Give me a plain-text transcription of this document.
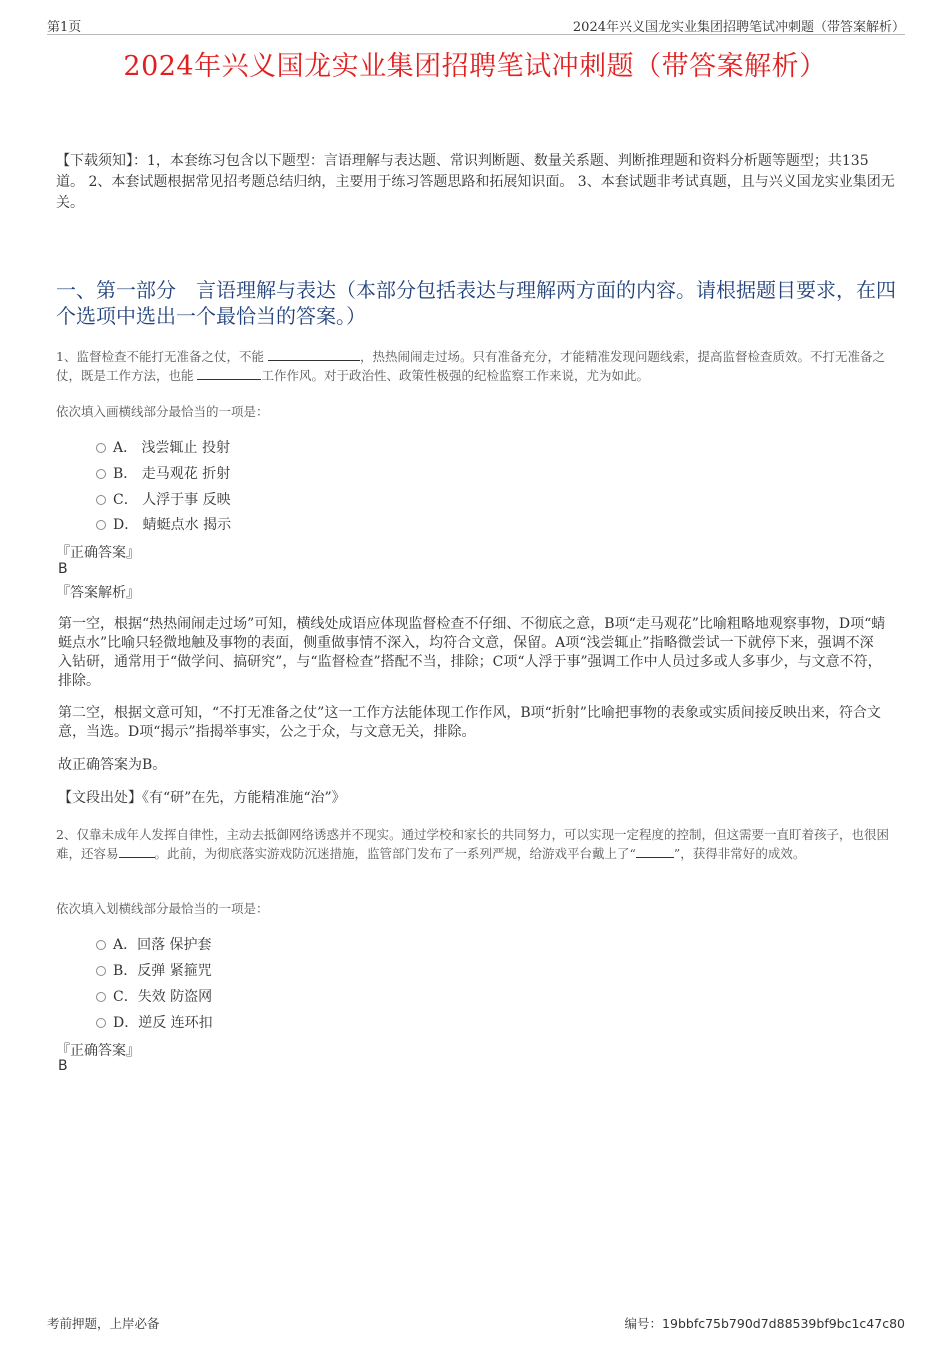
第1页	2024年兴义国龙实业集团招聘笔试冲刺题（带答案解析）
2024年兴义国龙实业集团招聘笔试冲刺题（带答案解析）
【下载须知】：1，本套练习包含以下题型：言语理解与表达题、常识判断题、数量关系题、判断推理题和资料分析题等题型；共135道。 2、本套试题根据常见招考题总结归纳，主要用于练习答题思路和拓展知识面。 3、本套试题非考试真题，且与兴义国龙实业集团无关。
一、第一部分　言语理解与表达（本部分包括表达与理解两方面的内容。请根据题目要求，在四个选项中选出一个最恰当的答案。）
1、监督检查不能打无准备之仗，不能	，热热闹闹走过场。只有准备充分，才能精准发现问题线索，提高监督检查质效。不打无准备之仗，既是工作方法，也能	工作作风。对于政治性、政策性极强的纪检监察工作来说，尤为如此。
依次填入画横线部分最恰当的一项是：
A． 浅尝辄止 投射
B． 走马观花 折射
C． 人浮于事 反映
D． 蜻蜓点水 揭示
『正确答案』
B
『答案解析』
第一空，根据“热热闹闹走过场”可知，横线处成语应体现监督检查不仔细、不彻底之意，B项“走马观花”比喻粗略地观察事物，D项“蜻蜓点水”比喻只轻微地触及事物的表面，侧重做事情不深入，均符合文意，保留。A项“浅尝辄止”指略微尝试一下就停下来，强调不深入钻研，通常用于“做学问、搞研究”，与“监督检查”搭配不当，排除；C项“人浮于事”强调工作中人员过多或人多事少，与文意不符，排除。
第二空，根据文意可知，“不打无准备之仗”这一工作方法能体现工作作风，B项“折射”比喻把事物的表象或实质间接反映出来，符合文意，当选。D项“揭示”指揭举事实，公之于众，与文意无关，排除。
故正确答案为B。
【文段出处】《有“研”在先，方能精准施“治”》
2、仅靠未成年人发挥自律性，主动去抵御网络诱惑并不现实。通过学校和家长的共同努力，可以实现一定程度的控制，但这需要一直盯着孩子，也很困难，还容易	。此前，为彻底落实游戏防沉迷措施，监管部门发布了一系列严规，给游戏平台戴上了“	”，获得非常好的成效。
依次填入划横线部分最恰当的一项是：
A．回落 保护套
B．反弹 紧箍咒
C．失效 防盗网
D．逆反 连环扣
『正确答案』
B
考前押题，上岸必备	编号：19bbfc75b790d7d88539bf9bc1c47c80
